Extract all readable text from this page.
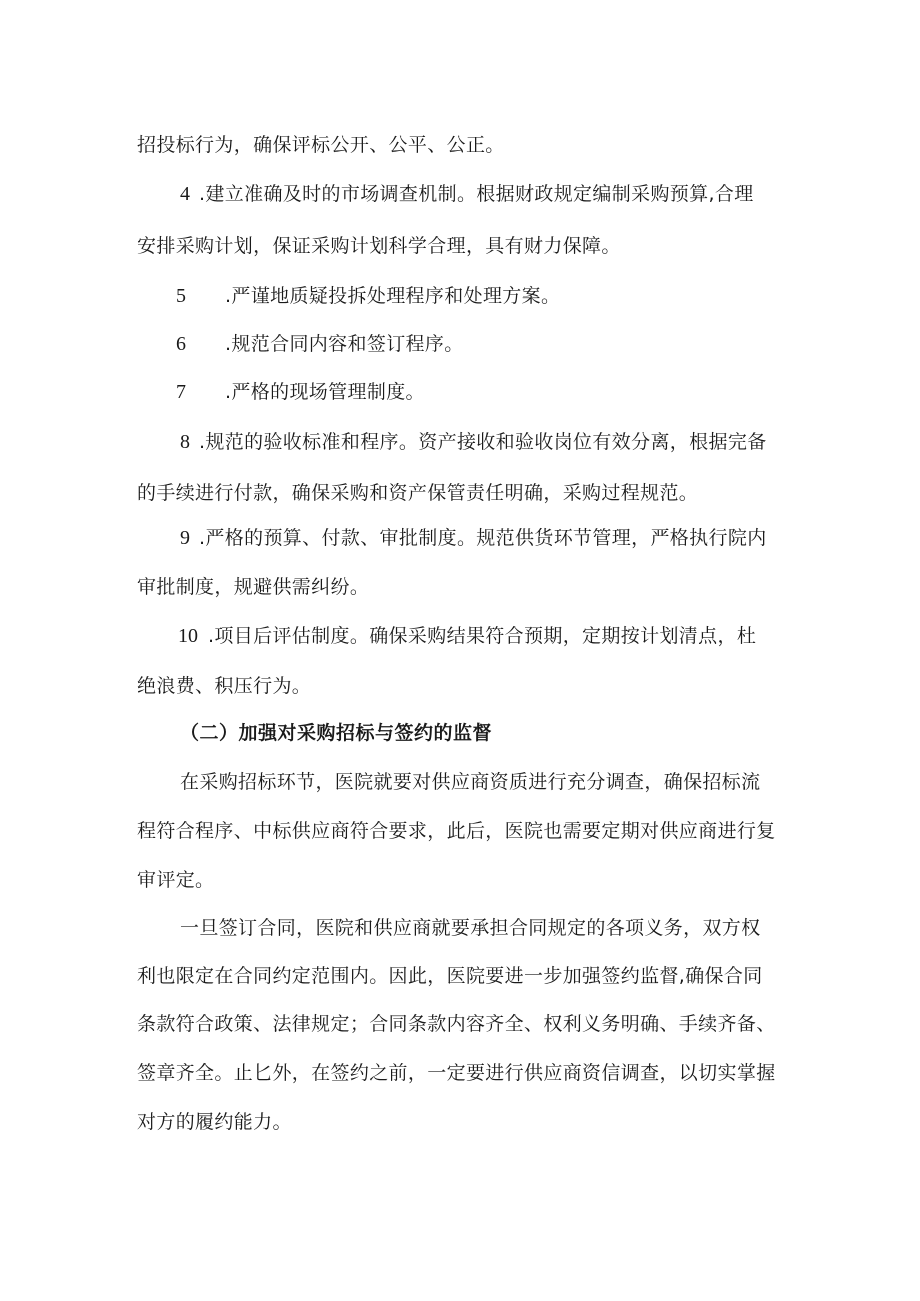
招投标行为，确保评标公开、公平、公正。
4 .建立准确及时的市场调查机制。根据财政规定编制采购预算,合理
安排采购计划，保证采购计划科学合理，具有财力保障。
5 .严谨地质疑投拆处理程序和处理方案。
6 .规范合同内容和签订程序。
7 .严格的现场管理制度。
8 .规范的验收标准和程序。资产接收和验收岗位有效分离，根据完备
的手续进行付款，确保采购和资产保管责任明确，采购过程规范。
9 .严格的预算、付款、审批制度。规范供货环节管理，严格执行院内
审批制度，规避供需纠纷。
10 .项目后评估制度。确保采购结果符合预期，定期按计划清点，杜
绝浪费、积压行为。
（二）加强对采购招标与签约的监督
在采购招标环节，医院就要对供应商资质进行充分调查，确保招标流
程符合程序、中标供应商符合要求，此后，医院也需要定期对供应商进行复
审评定。
一旦签订合同，医院和供应商就要承担合同规定的各项义务，双方权
利也限定在合同约定范围内。因此，医院要进一步加强签约监督,确保合同
条款符合政策、法律规定；合同条款内容齐全、权利义务明确、手续齐备、
签章齐全。止匕外，在签约之前，一定要进行供应商资信调查，以切实掌握
对方的履约能力。
